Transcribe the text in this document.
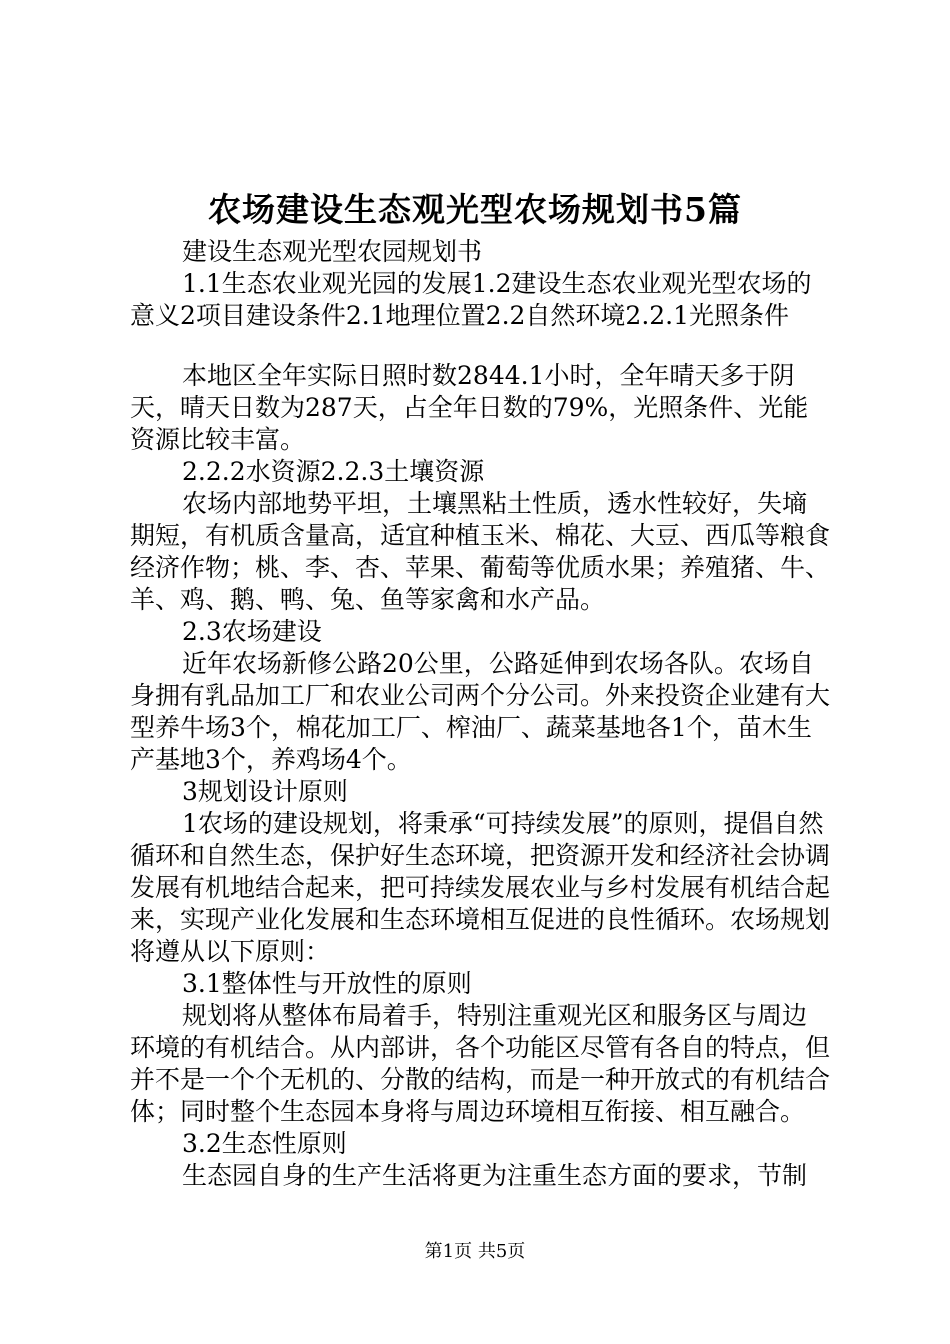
农场建设生态观光型农场规划书5篇

建设生态观光型农园规划书

1.1生态农业观光园的发展1.2建设生态农业观光型农场的意义2项目建设条件2.1地理位置2.2自然环境2.2.1光照条件

本地区全年实际日照时数2844.1小时，全年晴天多于阴天，晴天日数为287天，占全年日数的79%，光照条件、光能资源比较丰富。

2.2.2水资源2.2.3土壤资源

农场内部地势平坦，土壤黑粘土性质，透水性较好，失墒期短，有机质含量高，适宜种植玉米、棉花、大豆、西瓜等粮食经济作物；桃、李、杏、苹果、葡萄等优质水果；养殖猪、牛、羊、鸡、鹅、鸭、兔、鱼等家禽和水产品。

2.3农场建设

近年农场新修公路20公里，公路延伸到农场各队。农场自身拥有乳品加工厂和农业公司两个分公司。外来投资企业建有大型养牛场3个，棉花加工厂、榨油厂、蔬菜基地各1个，苗木生产基地3个，养鸡场4个。

3规划设计原则

1农场的建设规划，将秉承“可持续发展”的原则，提倡自然循环和自然生态，保护好生态环境，把资源开发和经济社会协调发展有机地结合起来，把可持续发展农业与乡村发展有机结合起来，实现产业化发展和生态环境相互促进的良性循环。农场规划将遵从以下原则：

3.1整体性与开放性的原则

规划将从整体布局着手，特别注重观光区和服务区与周边环境的有机结合。从内部讲，各个功能区尽管有各自的特点，但并不是一个个无机的、分散的结构，而是一种开放式的有机结合体；同时整个生态园本身将与周边环境相互衔接、相互融合。

3.2生态性原则

生态园自身的生产生活将更为注重生态方面的要求，节制

第1页 共5页
